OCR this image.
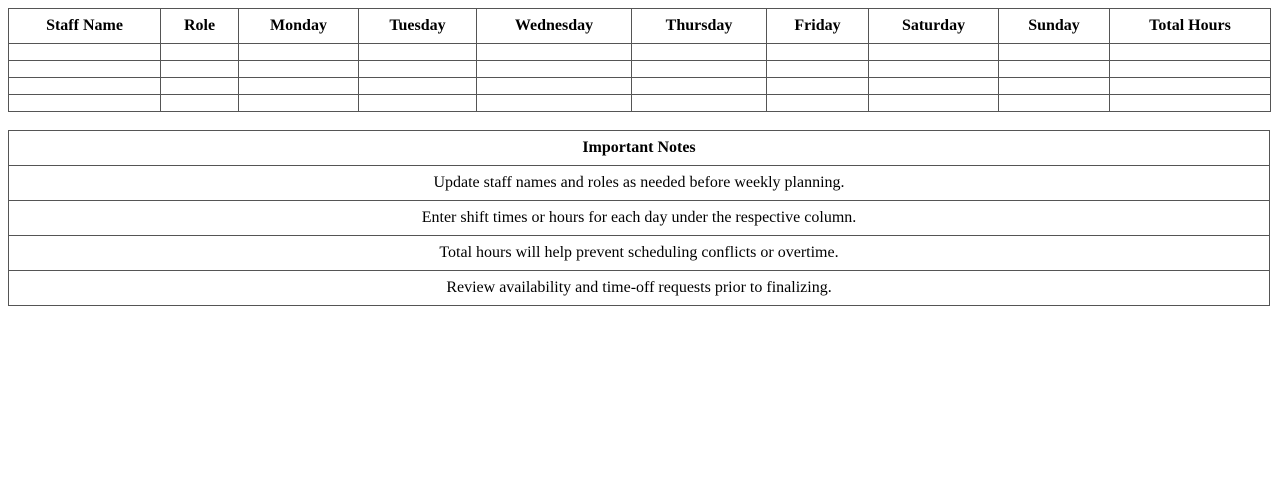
Staff Name	Role	Monday	Tuesday	Wednesday	Thursday	Friday	Saturday	Sunday	Total Hours

Important Notes
Update staff names and roles as needed before weekly planning.
Enter shift times or hours for each day under the respective column.
Total hours will help prevent scheduling conflicts or overtime.
Review availability and time-off requests prior to finalizing.
